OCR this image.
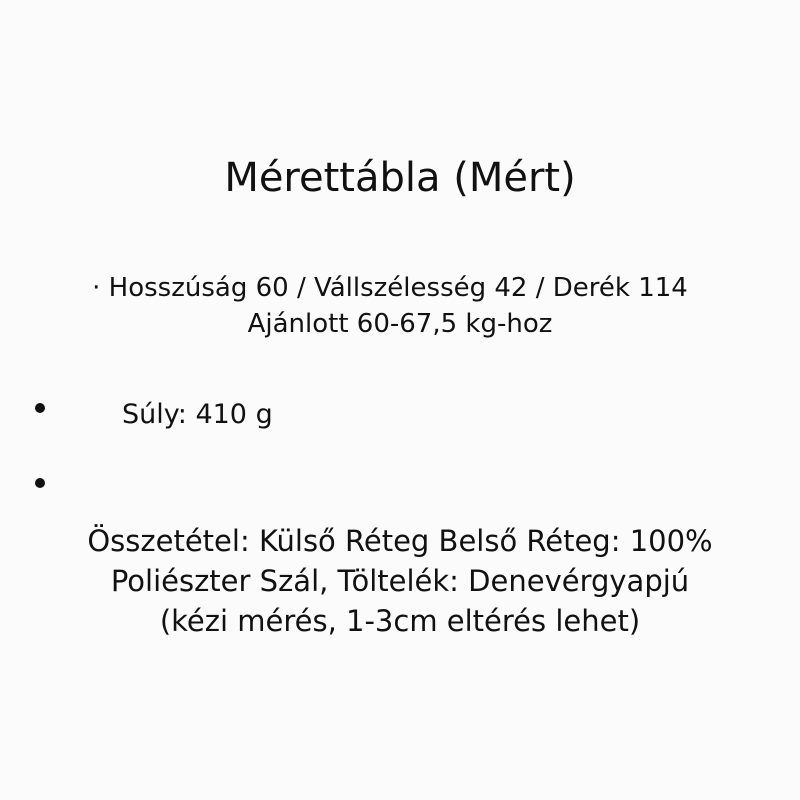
Mérettábla (Mért)
· Hosszúság 60 / Vállszélesség 42 / Derék 114
Ajánlott 60-67,5 kg-hoz
Súly: 410 g
Összetétel: Külső Réteg Belső Réteg: 100%
Poliészter Szál, Töltelék: Denevérgyapjú
(kézi mérés, 1-3cm eltérés lehet)
